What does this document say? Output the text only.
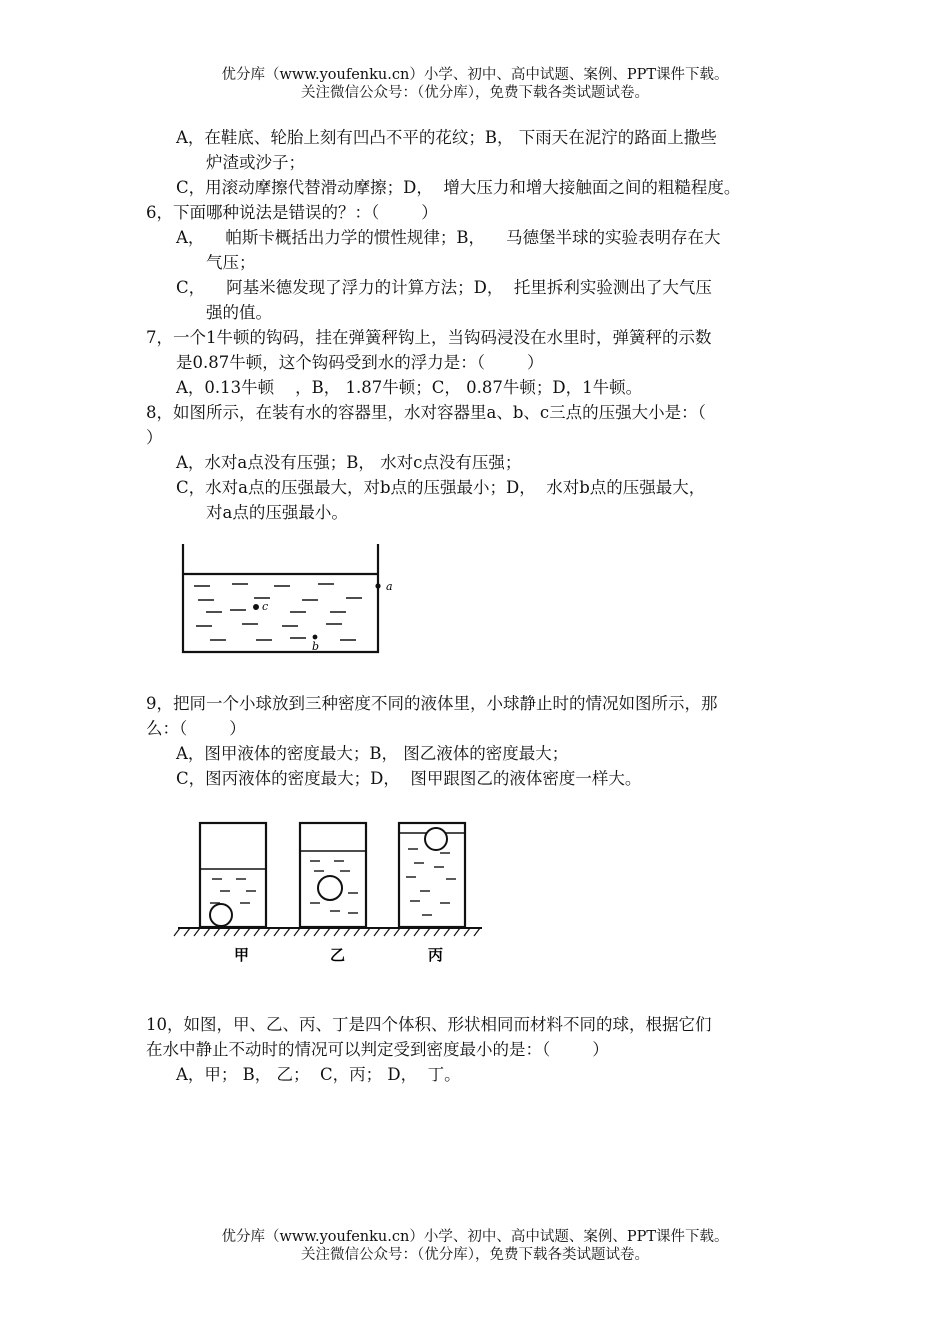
优分库（www.youfenku.cn）小学、初中、高中试题、案例、PPT课件下载。
关注微信公众号：（优分库），免费下载各类试题试卷。
A，在鞋底、轮胎上刻有凹凸不平的花纹；B， 下雨天在泥泞的路面上撒些
炉渣或沙子；
C，用滚动摩擦代替滑动摩擦；D，  增大压力和增大接触面之间的粗糙程度。
6，下面哪种说法是错误的？：（        ）
A，    帕斯卡概括出力学的惯性规律；B，    马德堡半球的实验表明存在大
气压；
C，    阿基米德发现了浮力的计算方法；D，  托里拆利实验测出了大气压
强的值。
7，一个1牛顿的钩码，挂在弹簧秤钩上，当钩码浸没在水里时，弹簧秤的示数
是0.87牛顿，这个钩码受到水的浮力是：（        ）
A，0.13牛顿    ，B， 1.87牛顿；C， 0.87牛顿；D，1牛顿。
8，如图所示，在装有水的容器里，水对容器里a、b、c三点的压强大小是：（
）
A，水对a点没有压强；B， 水对c点没有压强；
C，水对a点的压强最大，对b点的压强最小；D，  水对b点的压强最大，
对a点的压强最小。
a
c
b
9，把同一个小球放到三种密度不同的液体里，小球静止时的情况如图所示，那
么：（        ）
A，图甲液体的密度最大；B， 图乙液体的密度最大；
C，图丙液体的密度最大；D，  图甲跟图乙的液体密度一样大。
甲	乙	丙
10，如图，甲、乙、丙、丁是四个体积、形状相同而材料不同的球，根据它们
在水中静止不动时的情况可以判定受到密度最小的是：（        ）
A，甲； B， 乙；  C，丙； D，  丁。
优分库（www.youfenku.cn）小学、初中、高中试题、案例、PPT课件下载。
关注微信公众号：（优分库），免费下载各类试题试卷。
